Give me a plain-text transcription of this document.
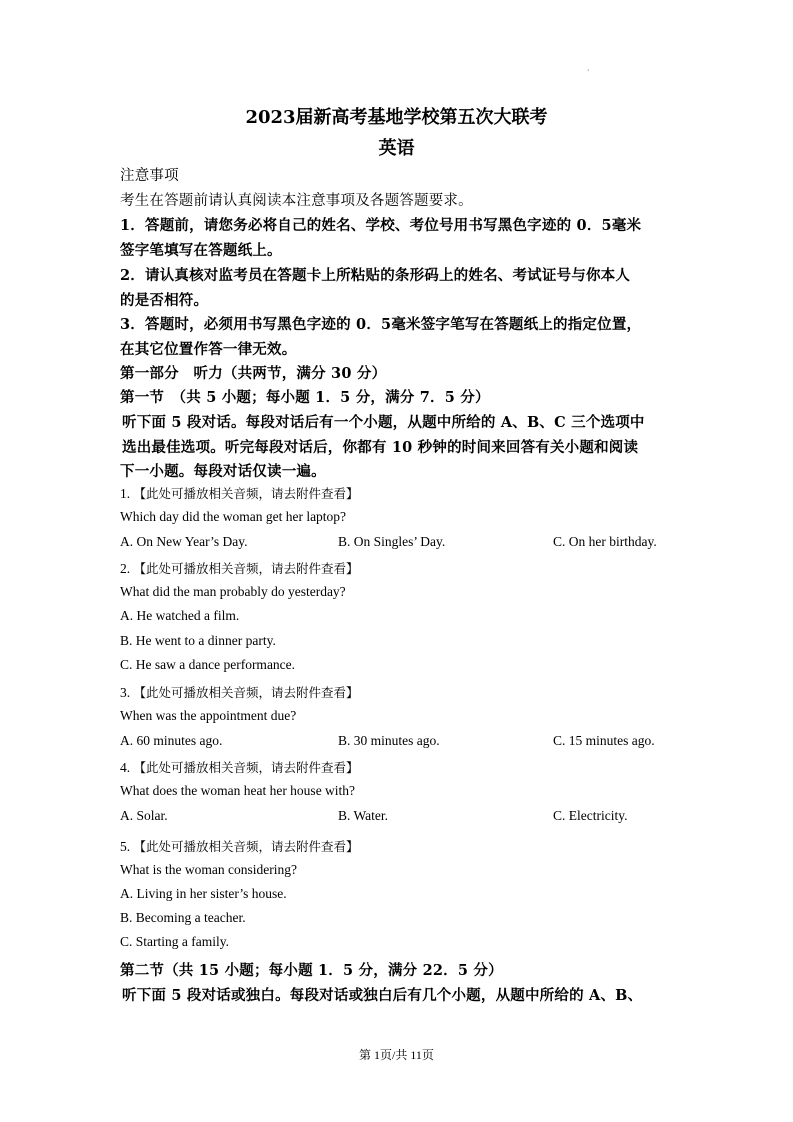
·
2023届新高考基地学校第五次大联考
英语
注意事项
考生在答题前请认真阅读本注意事项及各题答题要求。
1．答题前，请您务必将自己的姓名、学校、考位号用书写黑色字迹的 0．5毫米
签字笔填写在答题纸上。
2．请认真核对监考员在答题卡上所粘贴的条形码上的姓名、考试证号与你本人
的是否相符。
3．答题时，必须用书写黑色字迹的 0．5毫米签字笔写在答题纸上的指定位置，
在其它位置作答一律无效。
第一部分　听力（共两节，满分 30 分）
第一节　（共 5 小题；每小题 1．5 分，满分 7．5 分）
听下面 5 段对话。每段对话后有一个小题，从题中所给的 A、B、C 三个选项中
选出最佳选项。听完每段对话后，你都有 10 秒钟的时间来回答有关小题和阅读
下一小题。每段对话仅读一遍。
1. 【此处可播放相关音频，请去附件查看】
Which day did the woman get her laptop?
A. On New Year’s Day.	B. On Singles’ Day.	C. On her birthday.
2. 【此处可播放相关音频，请去附件查看】
What did the man probably do yesterday?
A. He watched a film.
B. He went to a dinner party.
C. He saw a dance performance.
3. 【此处可播放相关音频，请去附件查看】
When was the appointment due?
A. 60 minutes ago.	B. 30 minutes ago.	C. 15 minutes ago.
4. 【此处可播放相关音频，请去附件查看】
What does the woman heat her house with?
A. Solar.	B. Water.	C. Electricity.
5. 【此处可播放相关音频，请去附件查看】
What is the woman considering?
A. Living in her sister’s house.
B. Becoming a teacher.
C. Starting a family.
第二节（共 15 小题；每小题 1．5 分，满分 22．5 分）
听下面 5 段对话或独白。每段对话或独白后有几个小题，从题中所给的 A、B、
第 1页/共 11页
